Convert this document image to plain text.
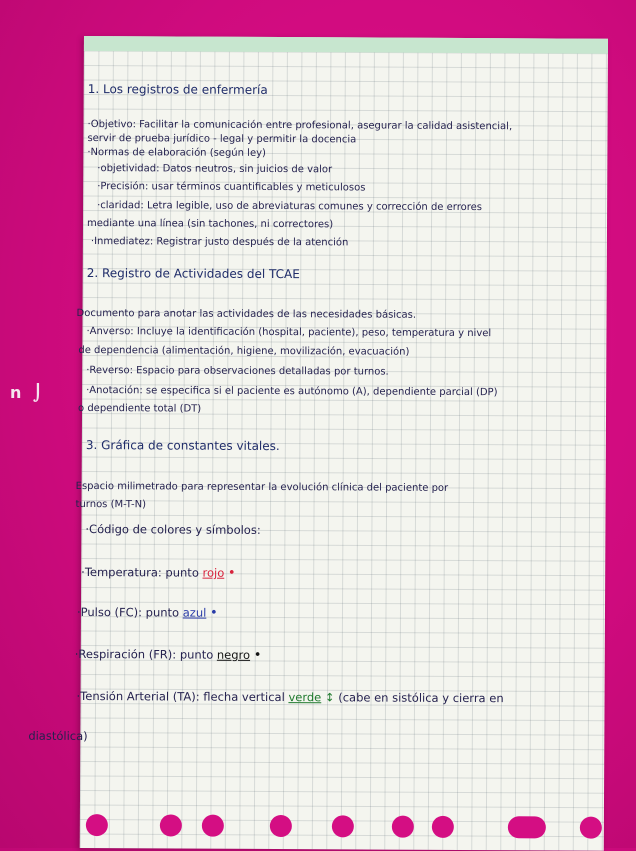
n ⌡
1. Los registros de enfermería
·Objetivo: Facilitar la comunicación entre profesional, asegurar la calidad asistencial,
servir de prueba jurídico - legal y permitir la docencia
·Normas de elaboración (según ley)
·objetividad: Datos neutros, sin juicios de valor
·Precisión: usar términos cuantificables y meticulosos
·claridad: Letra legible, uso de abreviaturas comunes y corrección de errores
mediante una línea (sin tachones, ni correctores)
·Inmediatez: Registrar justo después de la atención
2. Registro de Actividades del TCAE
Documento para anotar las actividades de las necesidades básicas.
·Anverso: Incluye la identificación (hospital, paciente), peso, temperatura y nivel
de dependencia (alimentación, higiene, movilización, evacuación)
·Reverso: Espacio para observaciones detalladas por turnos.
·Anotación: se especifica si el paciente es autónomo (A), dependiente parcial (DP)
o dependiente total (DT)
3. Gráfica de constantes vitales.
Espacio milimetrado para representar la evolución clínica del paciente por
turnos (M-T-N)
·Código de colores y símbolos:
·Temperatura: punto rojo •
·Pulso (FC): punto azul •
·Respiración (FR): punto negro •
·Tensión Arterial (TA): flecha vertical verde ↕ (cabe en sistólica y cierra en
diastólica)
